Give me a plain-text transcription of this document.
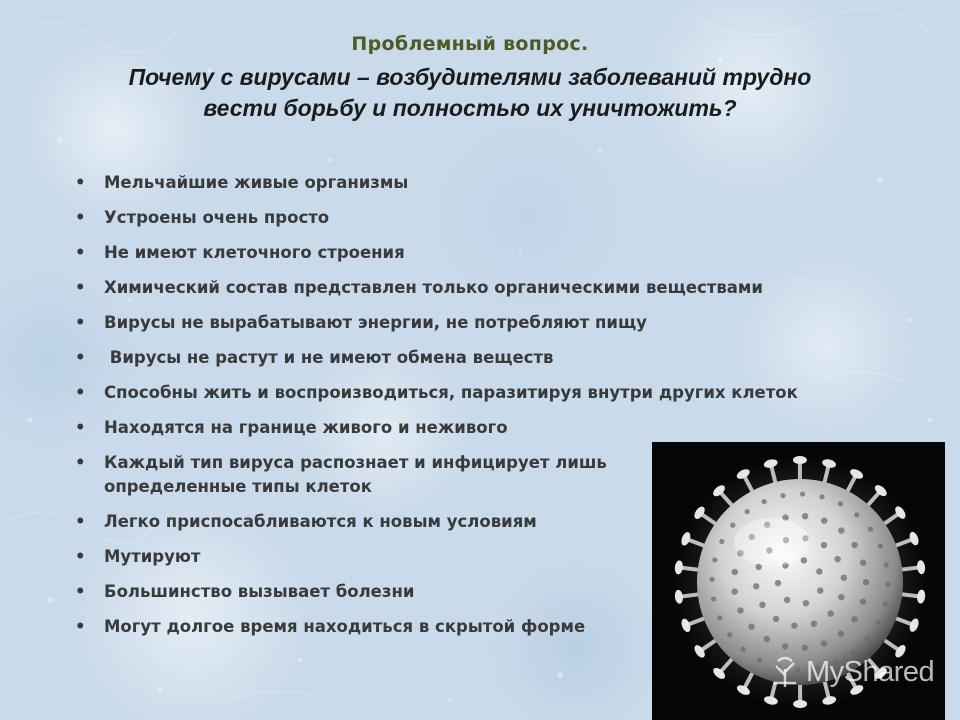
Проблемный вопрос.
Почему с вирусами – возбудителями заболеваний трудно
вести борьбу и полностью их уничтожить?
• Мельчайшие живые организмы
• Устроены очень просто
• Не имеют клеточного строения
• Химический состав представлен только органическими веществами
• Вирусы не вырабатывают энергии, не потребляют пищу
• Вирусы не растут и не имеют обмена веществ
• Способны жить и воспроизводиться, паразитируя внутри других клеток
• Находятся на границе живого и неживого
• Каждый тип вируса распознает и инфицирует лишь определенные типы клеток
• Легко приспосабливаются к новым условиям
• Мутируют
• Большинство вызывает болезни
• Могут долгое время находиться в скрытой форме
MyShared
